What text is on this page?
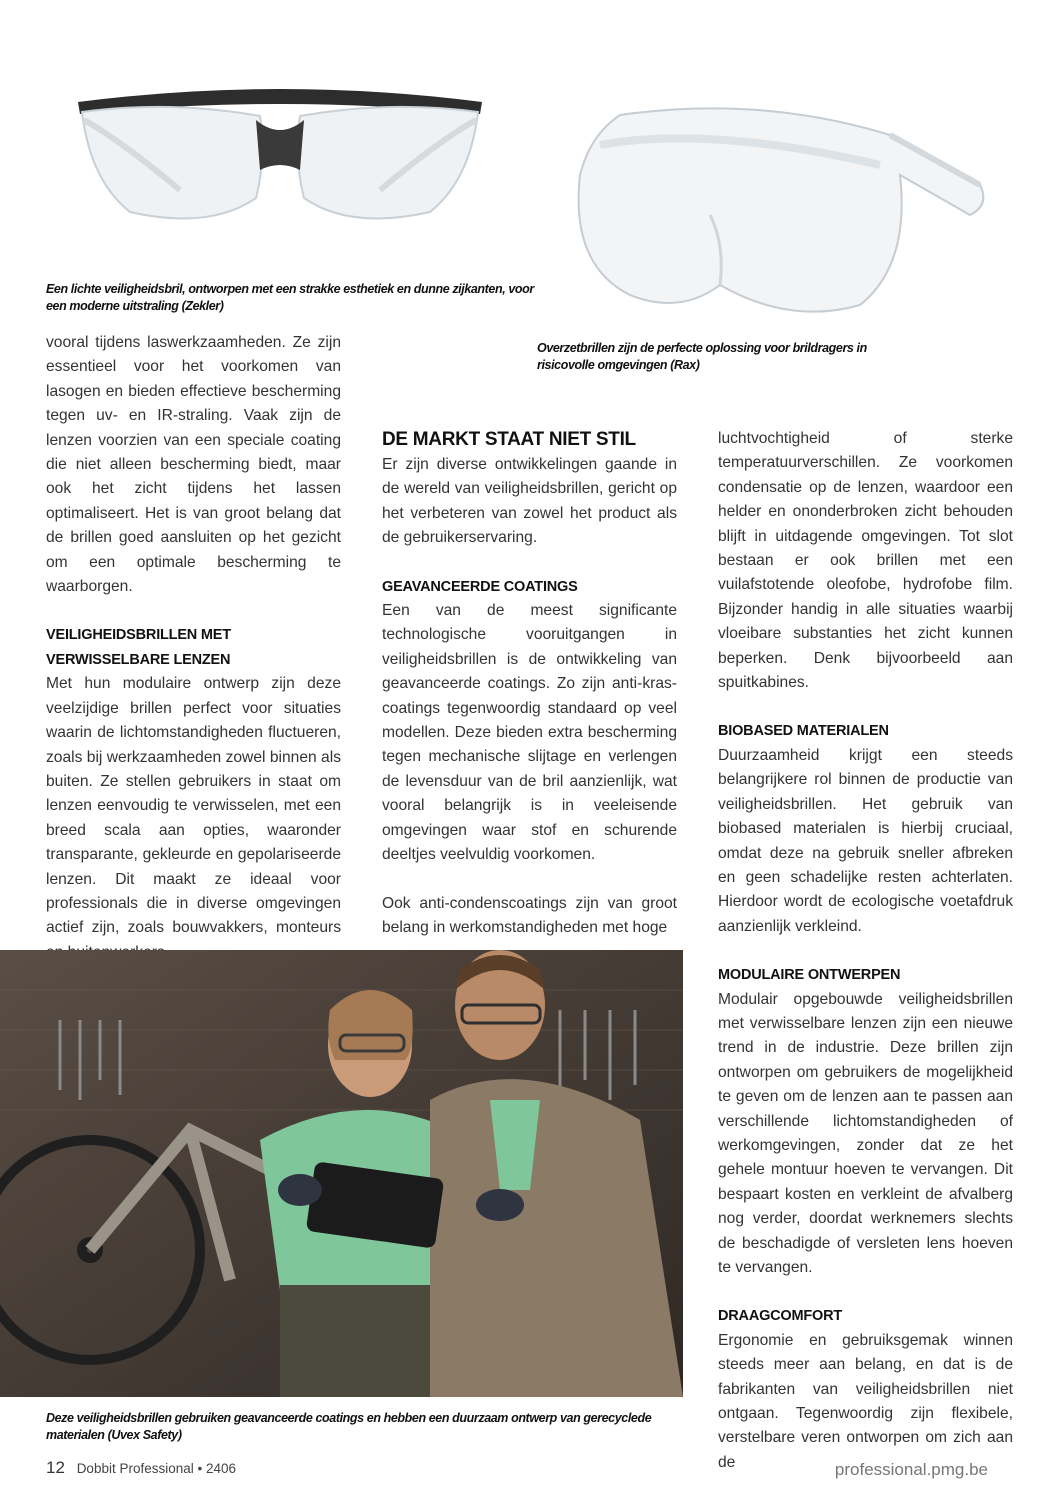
Een lichte veiligheidsbril, ontworpen met een strakke esthetiek en dunne zijkanten, voor een moderne uitstraling (Zekler)
Overzetbrillen zijn de perfecte oplossing voor brildragers in risicovolle omgevingen (Rax)

vooral tijdens laswerkzaamheden. Ze zijn essentieel voor het voorkomen van lasogen en bieden effectieve bescherming tegen uv- en IR-straling. Vaak zijn de lenzen voorzien van een speciale coating die niet alleen bescherming biedt, maar ook het zicht tijdens het lassen optimaliseert. Het is van groot belang dat de brillen goed aansluiten op het gezicht om een optimale bescherming te waarborgen.

VEILIGHEIDSBRILLEN MET VERWISSELBARE LENZEN

Met hun modulaire ontwerp zijn deze veelzijdige brillen perfect voor situaties waarin de lichtomstandigheden fluctueren, zoals bij werkzaamheden zowel binnen als buiten. Ze stellen gebruikers in staat om lenzen eenvoudig te verwisselen, met een breed scala aan opties, waaronder transparante, gekleurde en gepolariseerde lenzen. Dit maakt ze ideaal voor professionals die in diverse omgevingen actief zijn, zoals bouwvakkers, monteurs

DE MARKT STAAT NIET STIL

Er zijn diverse ontwikkelingen gaande in de wereld van veiligheidsbrillen, gericht op het verbeteren van zowel het product als de gebruikerservaring.

GEAVANCEERDE COATINGS

Een van de meest significante technologische vooruitgangen in veiligheidsbrillen is de ontwikkeling van geavanceerde coatings. Zo zijn anti-krascoatings tegenwoordig standaard op veel modellen. Deze bieden extra bescherming tegen mechanische slijtage en verlengen de levensduur van de bril aanzienlijk, wat vooral belangrijk is in veeleisende omgevingen waar stof en schurende deeltjes veelvuldig voorkomen.

Ook anti-condenscoatings zijn van groot belang in werkomstandigheden met hoge

luchtvochtigheid of sterke temperatuurverschillen. Ze voorkomen condensatie op de lenzen, waardoor een helder en ononderbroken zicht behouden blijft in uitdagende omgevingen. Tot slot bestaan er ook brillen met een vuilafstotende oleofobe, hydrofobe film. Bijzonder handig in alle situaties waarbij vloeibare substanties het zicht kunnen beperken. Denk bijvoorbeeld aan spuitkabines.

BIOBASED MATERIALEN

Duurzaamheid krijgt een steeds belangrijkere rol binnen de productie van veiligheidsbrillen. Het gebruik van biobased materialen is hierbij cruciaal, omdat deze na gebruik sneller afbreken en geen schadelijke resten achterlaten. Hierdoor wordt de ecologische voetafdruk aanzienlijk verkleind.

MODULAIRE ONTWERPEN

Modulair opgebouwde veiligheidsbrillen met verwisselbare lenzen zijn een nieuwe trend in de industrie. Deze brillen zijn ontworpen om gebruikers de mogelijkheid te geven om de lenzen aan te passen aan verschillende lichtomstandigheden of werkomgevingen, zonder dat ze het gehele montuur hoeven te vervangen. Dit bespaart kosten en verkleint de afvalberg nog verder, doordat werknemers slechts de beschadigde of versleten lens hoeven te vervangen.

DRAAGCOMFORT

Ergonomie en gebruiksgemak winnen steeds meer aan belang, en dat is de fabrikanten van veiligheidsbrillen niet ontgaan. Tegenwoordig zijn flexibele, verstelbare veren ontworpen om zich aan de

Deze veiligheidsbrillen gebruiken geavanceerde coatings en hebben een duurzaam ontwerp van gerecyclede materialen (Uvex Safety)
12 Dobbit Professional • 2406	professional.pmg.be
